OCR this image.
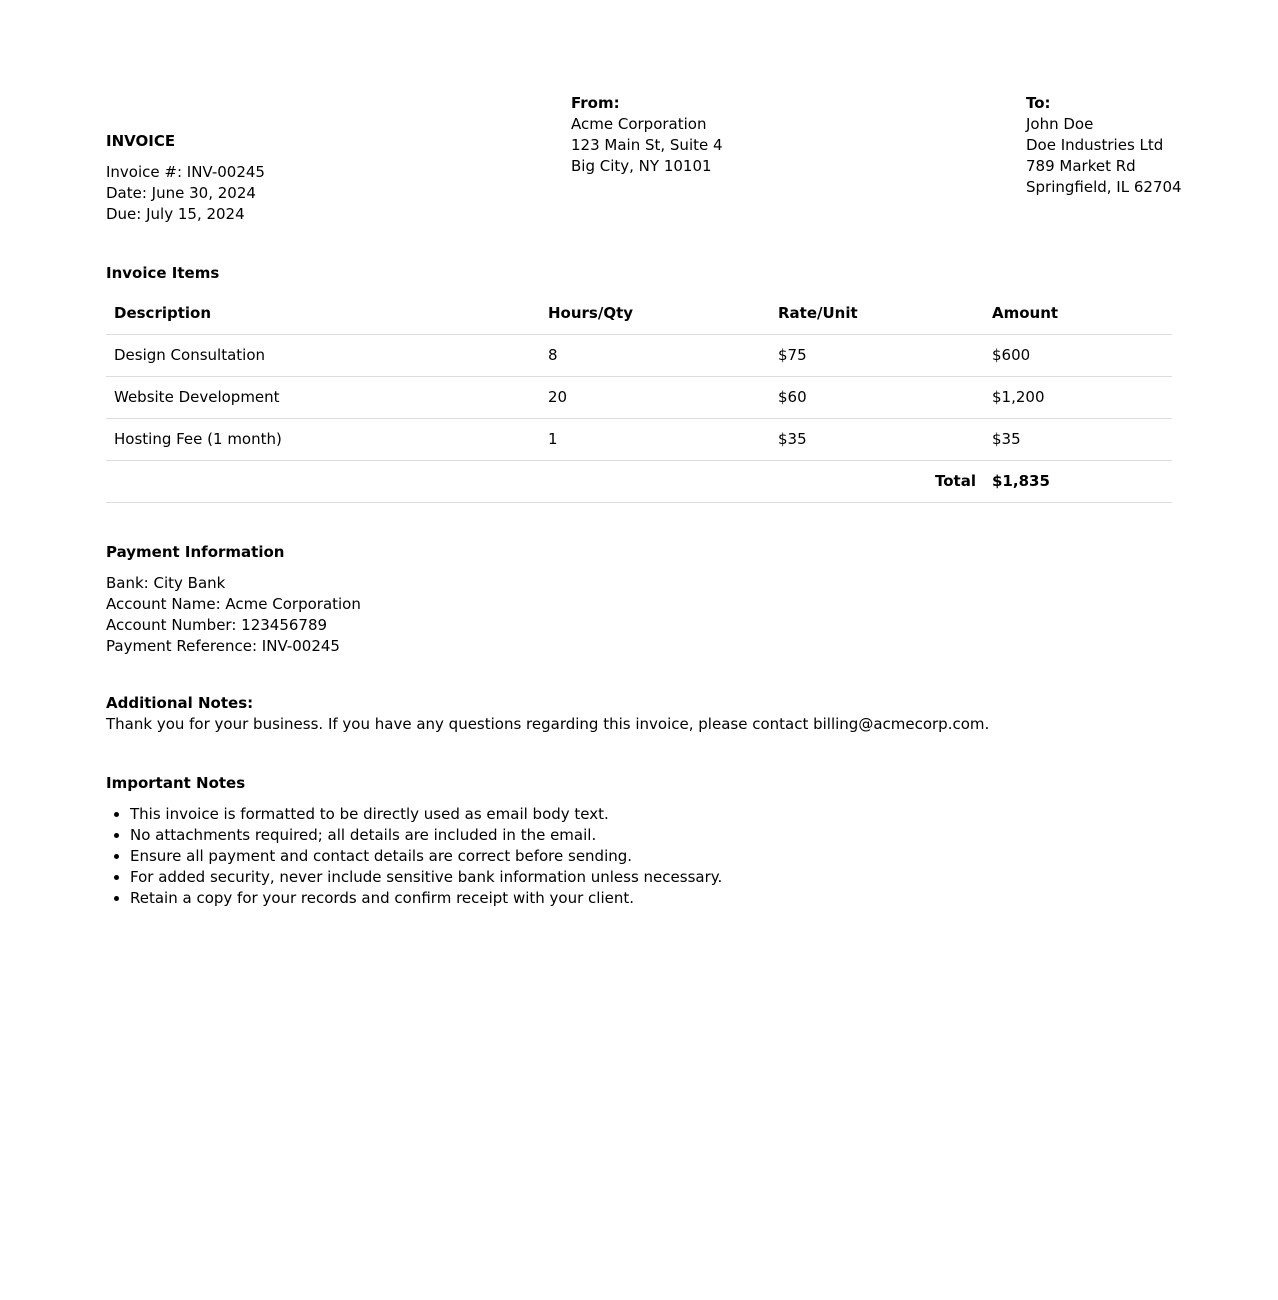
INVOICE
Invoice #: INV-00245
Date: June 30, 2024
Due: July 15, 2024
From:
Acme Corporation
123 Main St, Suite 4
Big City, NY 10101
To:
John Doe
Doe Industries Ltd
789 Market Rd
Springfield, IL 62704
Invoice Items
Description	Hours/Qty	Rate/Unit	Amount
Design Consultation	8	$75	$600
Website Development	20	$60	$1,200
Hosting Fee (1 month)	1	$35	$35
Total			$1,835
Payment Information
Bank: City Bank
Account Name: Acme Corporation
Account Number: 123456789
Payment Reference: INV-00245
Additional Notes:
Thank you for your business. If you have any questions regarding this invoice, please contact billing@acmecorp.com.
Important Notes
• This invoice is formatted to be directly used as email body text.
• No attachments required; all details are included in the email.
• Ensure all payment and contact details are correct before sending.
• For added security, never include sensitive bank information unless necessary.
• Retain a copy for your records and confirm receipt with your client.
